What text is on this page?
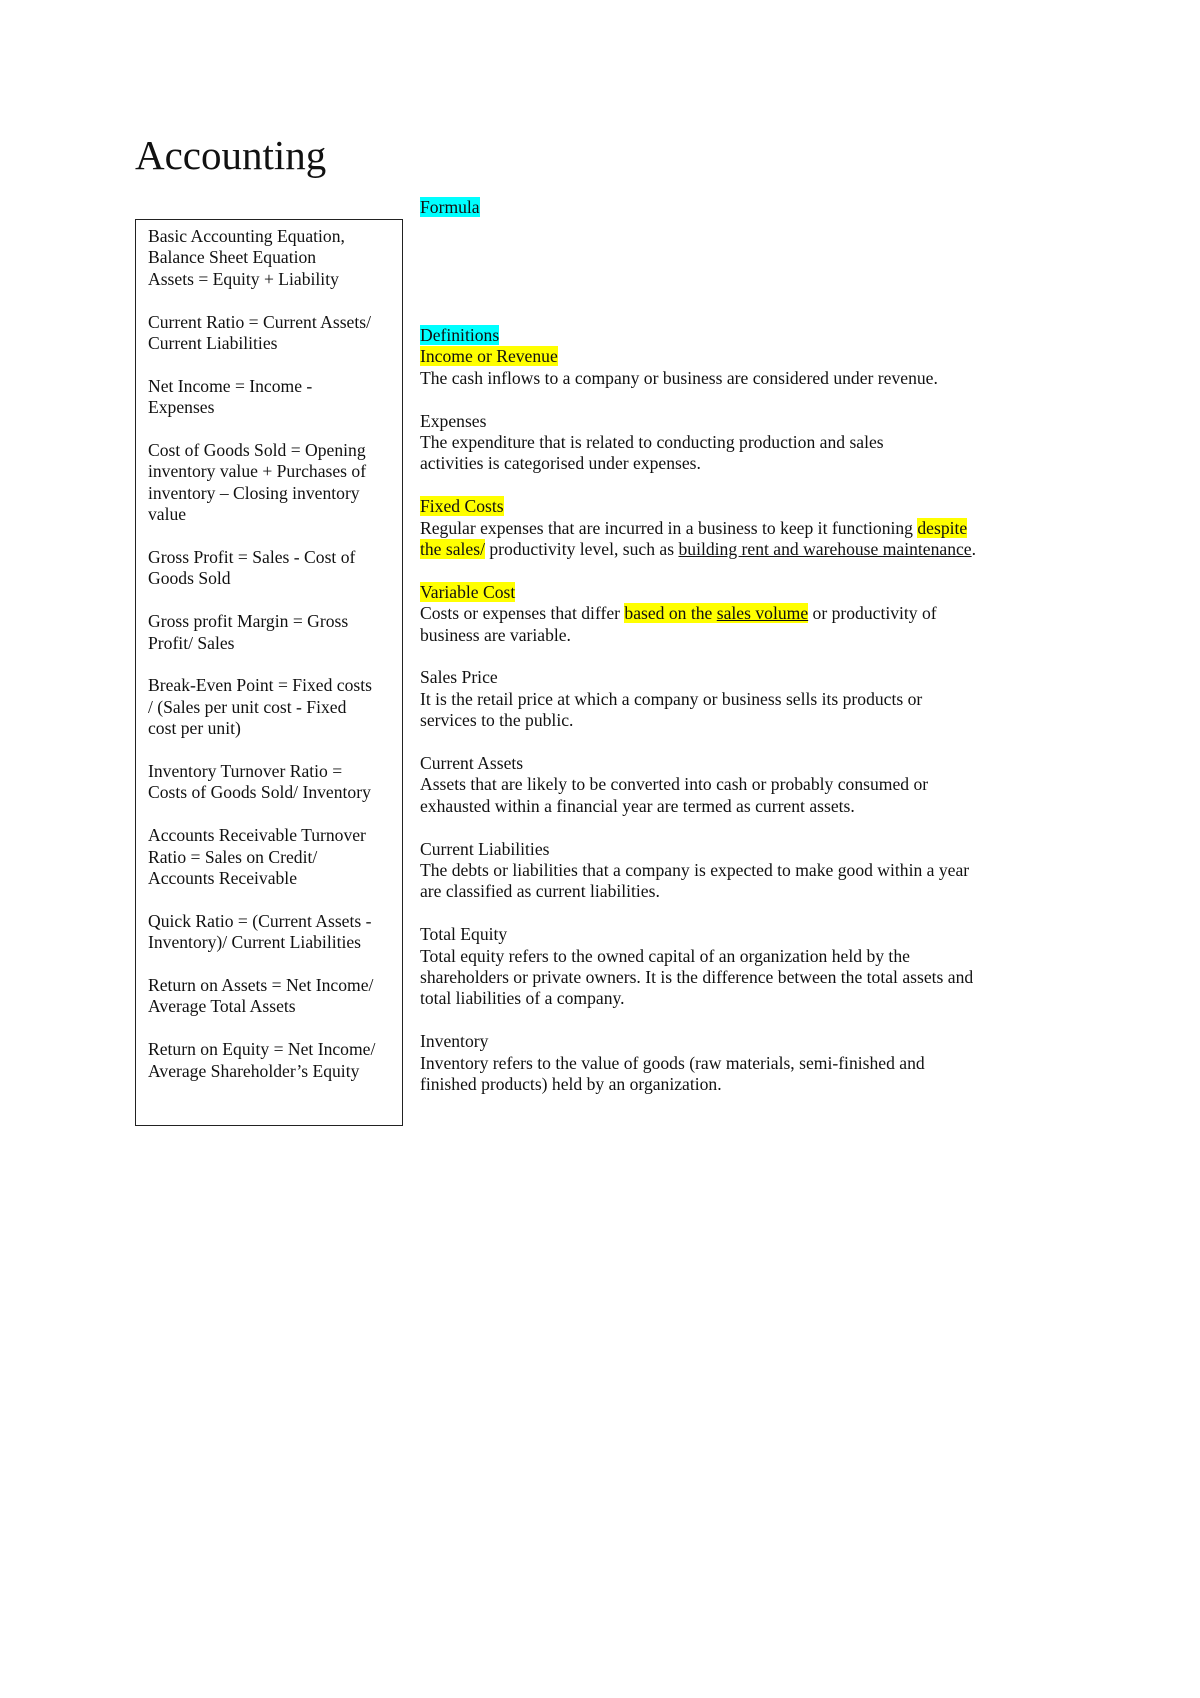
Accounting
Basic Accounting Equation,
Balance Sheet Equation
Assets = Equity + Liability
Current Ratio = Current Assets/
Current Liabilities
Net Income = Income -
Expenses
Cost of Goods Sold = Opening
inventory value + Purchases of
inventory – Closing inventory
value
Gross Profit = Sales - Cost of
Goods Sold
Gross profit Margin = Gross
Profit/ Sales
Break-Even Point = Fixed costs
/ (Sales per unit cost - Fixed
cost per unit)
Inventory Turnover Ratio =
Costs of Goods Sold/ Inventory
Accounts Receivable Turnover
Ratio = Sales on Credit/
Accounts Receivable
Quick Ratio = (Current Assets -
Inventory)/ Current Liabilities
Return on Assets = Net Income/
Average Total Assets
Return on Equity = Net Income/
Average Shareholder’s Equity
Formula
Definitions
Income or Revenue
The cash inflows to a company or business are considered under revenue.
Expenses
The expenditure that is related to conducting production and sales activities is categorised under expenses.
Fixed Costs
Regular expenses that are incurred in a business to keep it functioning despite the sales/ productivity level, such as building rent and warehouse maintenance.
Variable Cost
Costs or expenses that differ based on the sales volume or productivity of business are variable.
Sales Price
It is the retail price at which a company or business sells its products or services to the public.
Current Assets
Assets that are likely to be converted into cash or probably consumed or exhausted within a financial year are termed as current assets.
Current Liabilities
The debts or liabilities that a company is expected to make good within a year are classified as current liabilities.
Total Equity
Total equity refers to the owned capital of an organization held by the shareholders or private owners. It is the difference between the total assets and total liabilities of a company.
Inventory
Inventory refers to the value of goods (raw materials, semi-finished and finished products) held by an organization.
